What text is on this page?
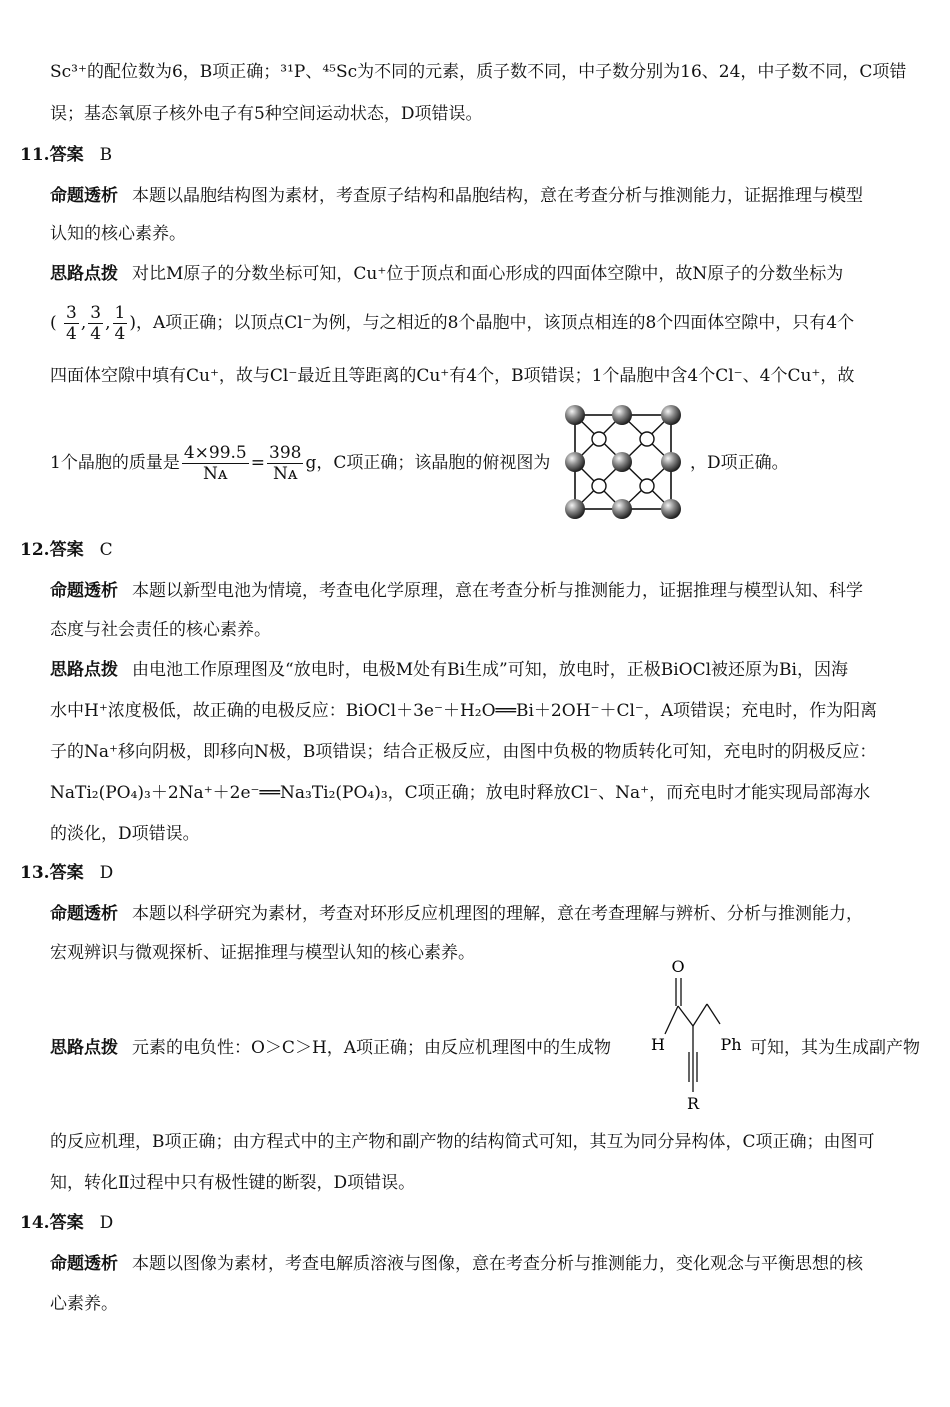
Sc³⁺的配位数为6，B项正确；³¹P、⁴⁵Sc为不同的元素，质子数不同，中子数分别为16、24，中子数不同，C项错
误；基态氧原子核外电子有5种空间运动状态，D项错误。
11.答案 B
命题透析 本题以晶胞结构图为素材，考查原子结构和晶胞结构，意在考查分析与推测能力，证据推理与模型
认知的核心素养。
思路点拨 对比M原子的分数坐标可知，Cu⁺位于顶点和面心形成的四面体空隙中，故N原子的分数坐标为
( $\frac{3}{4}$ , $\frac{3}{4}$ , $\frac{1}{4}$ )，A项正确；以顶点Cl⁻为例，与之相近的8个晶胞中，该顶点相连的8个四面体空隙中，只有4个
四面体空隙中填有Cu⁺，故与Cl⁻最近且等距离的Cu⁺有4个，B项错误；1个晶胞中含4个Cl⁻、4个Cu⁺，故
1个晶胞的质量是 $\frac{4\times 99.5}{\text{Nᴀ}} = \frac{398}{\text{Nᴀ}}$ g，C项正确；该晶胞的俯视图为	，D项正确。
12.答案 C
命题透析 本题以新型电池为情境，考查电化学原理，意在考查分析与推测能力，证据推理与模型认知、科学
态度与社会责任的核心素养。
思路点拨 由电池工作原理图及“放电时，电极M处有Bi生成”可知，放电时，正极BiOCl被还原为Bi，因海
水中H⁺浓度极低，故正确的电极反应：BiOCl＋3e⁻＋H₂O══Bi＋2OH⁻＋Cl⁻，A项错误；充电时，作为阳离
子的Na⁺移向阴极，即移向N极，B项错误；结合正极反应，由图中负极的物质转化可知，充电时的阴极反应：
NaTi₂(PO₄)₃＋2Na⁺＋2e⁻══Na₃Ti₂(PO₄)₃，C项正确；放电时释放Cl⁻、Na⁺，而充电时才能实现局部海水
的淡化，D项错误。
13.答案 D
命题透析 本题以科学研究为素材，考查对环形反应机理图的理解，意在考查理解与辨析、分析与推测能力，
宏观辨识与微观探析、证据推理与模型认知的核心素养。
思路点拨 元素的电负性：O＞C＞H，A项正确；由反应机理图中的生成物
O
H	Ph
R
可知，其为生成副产物
的反应机理，B项正确；由方程式中的主产物和副产物的结构简式可知，其互为同分异构体，C项正确；由图可
知，转化Ⅱ过程中只有极性键的断裂，D项错误。
14.答案 D
命题透析 本题以图像为素材，考查电解质溶液与图像，意在考查分析与推测能力，变化观念与平衡思想的核
心素养。
